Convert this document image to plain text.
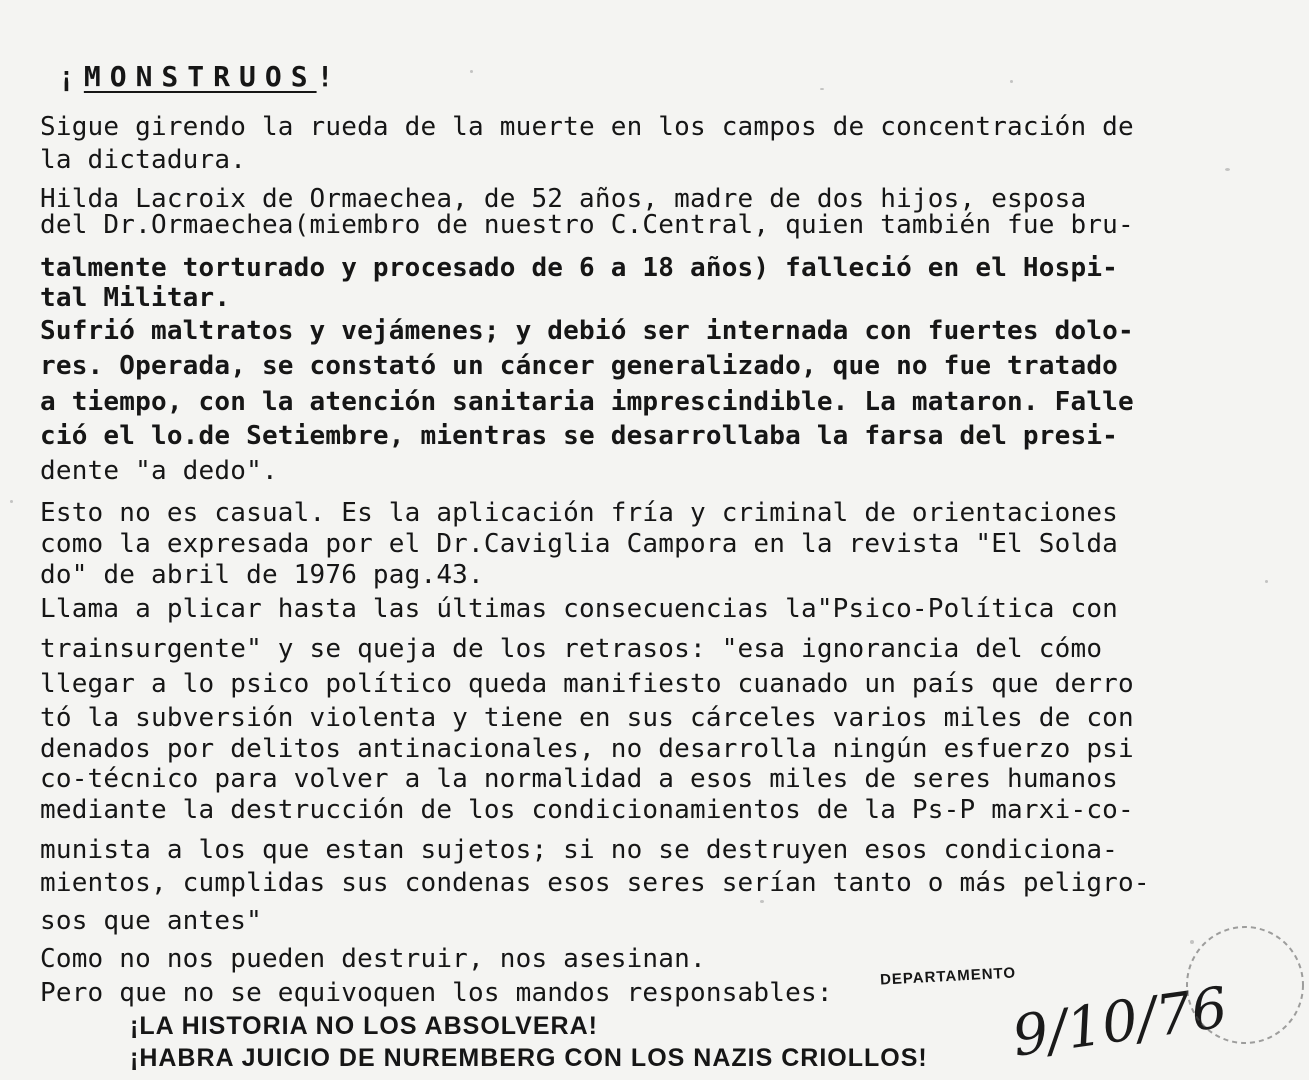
¡MONSTRUOS!
Sigue girendo la rueda de la muerte en los campos de concentración de
la dictadura.
Hilda Lacroix de Ormaechea, de 52 años, madre de dos hijos, esposa
del Dr.Ormaechea(miembro de nuestro C.Central, quien también fue bru-
talmente torturado y procesado de 6 a 18 años) falleció en el Hospi-
tal Militar.
Sufrió maltratos y vejámenes; y debió ser internada con fuertes dolo-
res. Operada, se constató un cáncer generalizado, que no fue tratado
a tiempo, con la atención sanitaria imprescindible. La mataron. Falle
ció el lo.de Setiembre, mientras se desarrollaba la farsa del presi-
dente "a dedo".
Esto no es casual. Es la aplicación fría y criminal de orientaciones
como la expresada por el Dr.Caviglia Campora en la revista "El Solda
do" de abril de 1976 pag.43.
Llama a plicar hasta las últimas consecuencias la"Psico-Política con
trainsurgente" y se queja de los retrasos: "esa ignorancia del cómo
llegar a lo psico político queda manifiesto cuanado un país que derro
tó la subversión violenta y tiene en sus cárceles varios miles de con
denados por delitos antinacionales, no desarrolla ningún esfuerzo psi
co-técnico para volver a la normalidad a esos miles de seres humanos
mediante la destrucción de los condicionamientos de la Ps-P marxi-co-
munista a los que estan sujetos; si no se destruyen esos condiciona-
mientos, cumplidas sus condenas esos seres serían tanto o más peligro-
sos que antes"
Como no nos pueden destruir, nos asesinan.
Pero que no se equivoquen los mandos responsables:
¡LA HISTORIA NO LOS ABSOLVERA!
¡HABRA JUICIO DE NUREMBERG CON LOS NAZIS CRIOLLOS!
DEPARTAMENTO
9/10/76
